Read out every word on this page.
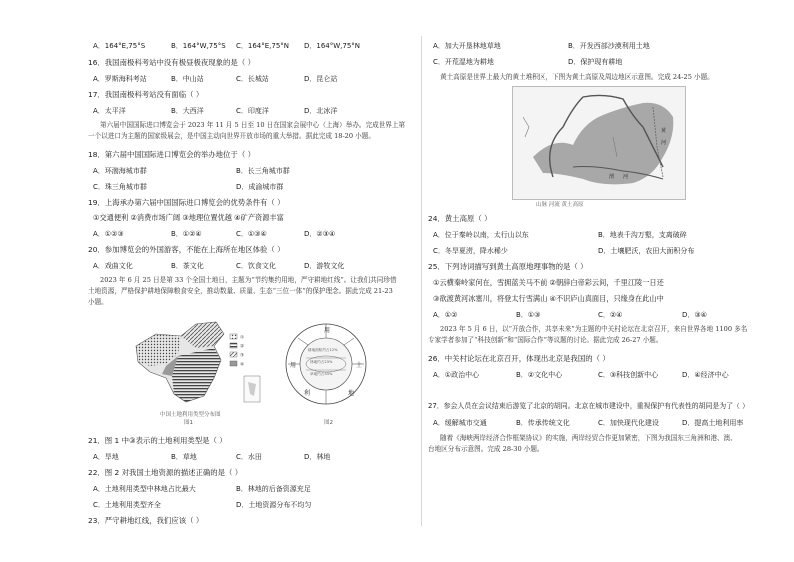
A．164°E,75°S	B．164°W,75°S C．164°E,75°N D．164°W,75°N
16．我国南极科考站中没有极昼极夜现象的是（ ）
A．罗斯海科考站	B．中山站	C．长城站	D．昆仑站
17．我国南极科考站没有面临（ ）
A．太平洋	B．大西洋	C．印度洋	D．北冰洋
第六届中国国际进口博览会于 2023 年 11 月 5 日至 10 日在国家会展中心（上海）举办。完成世界上第
一个以进口为主题的国家级展会，是中国主动向世界开放市场的重大举措。据此完成 18-20 小题。
18．第六届中国国际进口博览会的举办地位于（ ）
A．环渤海城市群	B．长三角城市群
C．珠三角城市群	D．成渝城市群
19．上海承办第六届中国国际进口博览会的优势条件有（ ）
①交通便利 ②消费市场广阔 ③地理位置优越 ④矿产资源丰富
A．①②③	B．①②④	C．①③④	D．②③④
20．参加博览会的外国游客，不能在上海所在地区体验（ ）
A．戏曲文化	B．茶文化	C．饮食文化	D．游牧文化
2023 年 6 月 25 日是第 33 个全国土地日，主题为“节约集约用地，严守耕地红线”。让我们共同珍惜
土地资源，严格保护耕地保障粮食安全，推动数量、质量、生态“三位一体”的保护理念。据此完成 21-23
小题。
①
②
③
④
中国土地利用类型分布图
图1
用
土
地
利
用
耕地面积约占12%
林地约占23%
草地约占33%
图2
21．图 1 中③表示的土地利用类型是（ ）
A．旱地	B．草地	C．水田	D．林地
22．图 2 对我国土地资源的描述正确的是（ ）
A．土地利用类型中林地占比最大	B．林地的后备资源充足
C．土地利用类型齐全	D．土地资源分布不均匀
23．严守耕地红线，我们应该（ ）
A．加大开垦林地草地	B．开发西部沙漠利用土地
C．开荒湿地为耕地	D．保护现有耕地
黄土高原是世界上最大的黄土堆积区，下图为黄土高原及周边地区示意图。完成 24-25 小题。
黄
河
渭 河
山脉 河流 黄土高原
24．黄土高原（ ）
A．位于秦岭以南，太行山以东	B．地表千沟万壑，支离破碎
C．冬旱夏涝，降水稀少	D．土壤肥沃，农田大面积分布
25．下列诗词描写到黄土高原地理事物的是（ ）
①云横秦岭家何在，雪拥蓝关马不前 ②朝辞白帝彩云间，千里江陵一日还
③欲渡黄河冰塞川，将登太行雪满山 ④不识庐山真面目，只缘身在此山中
A．①②	B．①③	C．②④	D．③④
2023 年 5 月 6 日，以“开放合作，共享未来”为主题的中关村论坛在北京召开，来自世界各地 1100 多名
专家学者参加了“科技创新”和“国际合作”等议题的讨论。据此完成 26-27 小题。
26．中关村论坛在北京召开，体现出北京是我国的（ ）
A．①政治中心	B．②文化中心	C．③科技创新中心	D．④经济中心
27．参会人员在会议结束后游览了北京的胡同。北京在城市建设中，重视保护有代表性的胡同是为了（ ）
A．缓解城市交通	B．传承传统文化	C．加快现代化建设	D．提高土地利用率
随着《海峡两岸经济合作框架协议》的实施，两岸经贸合作更加紧密，下图为我国东三角洲和港、澳、
台地区分布示意图。完成 28-30 小题。
